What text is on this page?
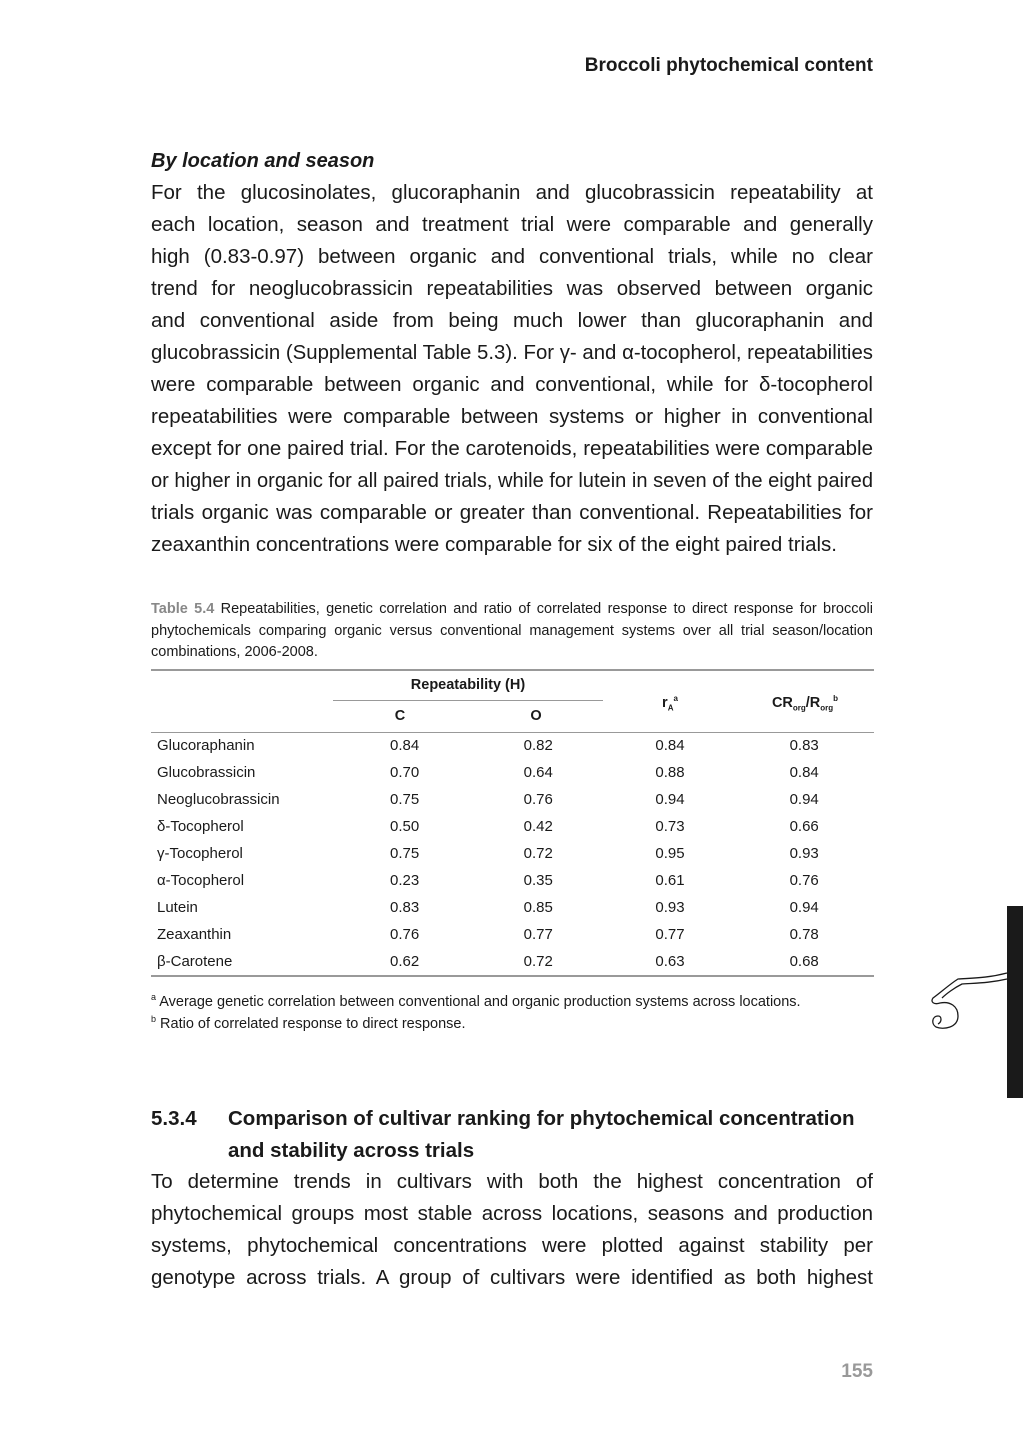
Broccoli phytochemical content
By location and season
For the glucosinolates, glucoraphanin and glucobrassicin repeatability at
each location, season and treatment trial were comparable and generally
high (0.83-0.97) between organic and conventional trials, while no clear
trend for neoglucobrassicin repeatabilities was observed between organic
and conventional aside from being much lower than glucoraphanin and
glucobrassicin (Supplemental Table 5.3). For γ- and α-tocopherol, repeatabilities
were comparable between organic and conventional, while for δ-tocopherol
repeatabilities were comparable between systems or higher in conventional
except for one paired trial. For the carotenoids, repeatabilities were comparable
or higher in organic for all paired trials, while for lutein in seven of the eight paired
trials organic was comparable or greater than conventional. Repeatabilities for
zeaxanthin concentrations were comparable for six of the eight paired trials.
Table 5.4 Repeatabilities, genetic correlation and ratio of correlated response to direct response for broccoli phytochemicals comparing organic versus conventional management systems over all trial season/location combinations, 2006-2008.
Repeatability (H)
C	O
$r_A^a$	$CR_{org}/R_{org}^b$
Glucoraphanin	0.84	0.82	0.84	0.83
Glucobrassicin	0.70	0.64	0.88	0.84
Neoglucobrassicin	0.75	0.76	0.94	0.94
δ-Tocopherol	0.50	0.42	0.73	0.66
γ-Tocopherol	0.75	0.72	0.95	0.93
α-Tocopherol	0.23	0.35	0.61	0.76
Lutein	0.83	0.85	0.93	0.94
Zeaxanthin	0.76	0.77	0.77	0.78
β-Carotene	0.62	0.72	0.63	0.68
$^a$ Average genetic correlation between conventional and organic production systems across locations.
$^b$ Ratio of correlated response to direct response.
5.3.4 Comparison of cultivar ranking for phytochemical concentration and stability across trials
To determine trends in cultivars with both the highest concentration of
phytochemical groups most stable across locations, seasons and production
systems, phytochemical concentrations were plotted against stability per
genotype across trials. A group of cultivars were identified as both highest
155
